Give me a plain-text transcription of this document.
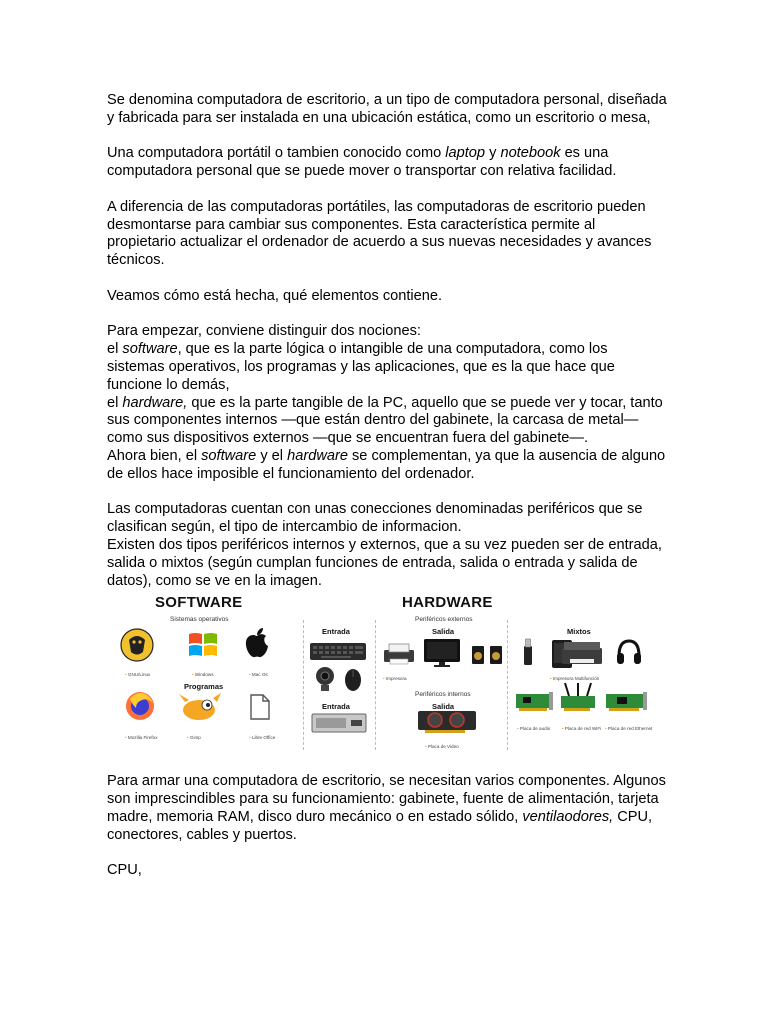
Se denomina computadora de escritorio, a un tipo de computadora personal, diseñada y fabricada para ser instalada en una ubicación estática, como un escritorio o mesa,

Una computadora portátil o tambien conocido como laptop y notebook es una computadora personal que se puede mover o transportar con relativa facilidad.

A diferencia de las computadoras portátiles, las computadoras de escritorio pueden desmontarse para cambiar sus componentes. Esta característica permite al propietario actualizar el ordenador de acuerdo a sus nuevas necesidades y avances técnicos.

Veamos cómo está hecha, qué elementos contiene.

Para empezar, conviene distinguir dos nociones:

el software, que es la parte lógica o intangible de una computadora, como los sistemas operativos, los programas y las aplicaciones, que es la que hace que funcione lo demás,

el hardware, que es la parte tangible de la PC, aquello que se puede ver y tocar, tanto sus componentes internos —que están dentro del gabinete, la carcasa de metal— como sus dispositivos externos —que se encuentran fuera del gabinete—.

Ahora bien, el software y el hardware se complementan, ya que la ausencia de alguno de ellos hace imposible el funcionamiento del ordenador.

Las computadoras cuentan con unas conecciones denominadas periféricos que se clasifican según, el tipo de intercambio de informacion.

Existen dos tipos periféricos internos y externos, que a su vez pueden ser de entrada, salida o mixtos (según cumplan funciones de entrada, salida o entrada y salida de datos), como se ve en la imagen.

SOFTWARE
Sistemas operativos
HARDWARE
Periféricos externos
• GNU/Linux	• Windows	• Mac Os
Programas
• Mozilla Firefox	• Gimp	• Libre Office
Entrada
Entrada
Salida
• Impresora
Periféricos internos
Salida
• Placa de Video
Mixtos
• Impresora Multifunción
• Placa de audio	• Placa de red WiFi	• Placa de red Ethernet

Para armar una computadora de escritorio, se necesitan varios componentes. Algunos son imprescindibles para su funcionamiento: gabinete, fuente de alimentación, tarjeta madre, memoria RAM, disco duro mecánico o en estado sólido, ventilaodores, CPU, conectores, cables y puertos.

CPU,
